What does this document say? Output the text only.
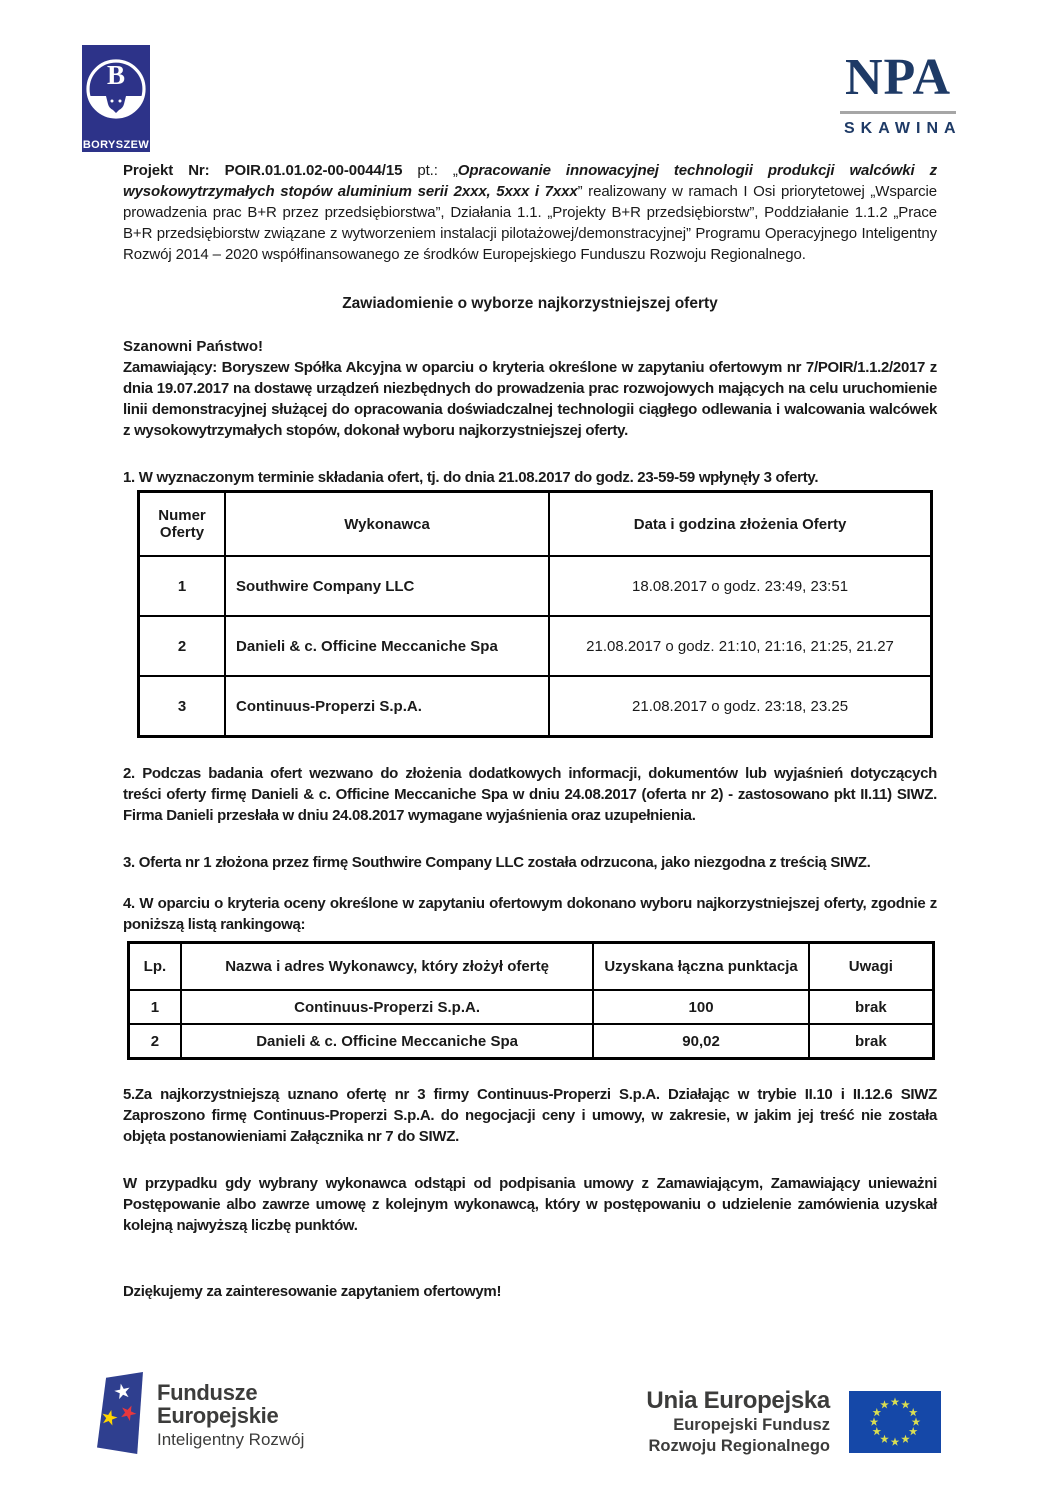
B
BORYSZEW
NPA
SKAWINA

Projekt Nr: POIR.01.01.02-00-0044/15 pt.: „Opracowanie innowacyjnej technologii produkcji walcówki z wysokowytrzymałych stopów aluminium serii 2xxx, 5xxx i 7xxx” realizowany w ramach I Osi priorytetowej „Wsparcie prowadzenia prac B+R przez przedsiębiorstwa”, Działania 1.1. „Projekty B+R przedsiębiorstw”, Poddziałanie 1.1.2 „Prace B+R przedsiębiorstw związane z wytworzeniem instalacji pilotażowej/demonstracyjnej” Programu Operacyjnego Inteligentny Rozwój 2014 – 2020 współfinansowanego ze środków Europejskiego Funduszu Rozwoju Regionalnego.

Zawiadomienie o wyborze najkorzystniejszej oferty
Szanowni Państwo!

Zamawiający: Boryszew Spółka Akcyjna w oparciu o kryteria określone w zapytaniu ofertowym nr 7/POIR/1.1.2/2017 z dnia 19.07.2017 na dostawę urządzeń niezbędnych do prowadzenia prac rozwojowych mających na celu uruchomienie linii demonstracyjnej służącej do opracowania doświadczalnej technologii ciągłego odlewania i walcowania walcówek z wysokowytrzymałych stopów, dokonał wyboru najkorzystniejszej oferty.

1. W wyznaczonym terminie składania ofert, tj. do dnia 21.08.2017 do godz. 23-59-59 wpłynęły 3 oferty.

Numer Oferty	Wykonawca	Data i godzina złożenia Oferty
1	Southwire Company LLC	18.08.2017 o godz. 23:49, 23:51
2	Danieli & c. Officine Meccaniche Spa	21.08.2017 o godz. 21:10, 21:16, 21:25, 21.27
3	Continuus-Properzi S.p.A.	21.08.2017 o godz. 23:18, 23.25

2. Podczas badania ofert wezwano do złożenia dodatkowych informacji, dokumentów lub wyjaśnień dotyczących treści oferty firmę Danieli & c. Officine Meccaniche Spa w dniu 24.08.2017 (oferta nr 2) - zastosowano pkt II.11) SIWZ. Firma Danieli przesłała w dniu 24.08.2017 wymagane wyjaśnienia oraz uzupełnienia.

3. Oferta nr 1 złożona przez firmę Southwire Company LLC została odrzucona, jako niezgodna z treścią SIWZ.

4. W oparciu o kryteria oceny określone w zapytaniu ofertowym dokonano wyboru najkorzystniejszej oferty, zgodnie z poniższą listą rankingową:

Lp.	Nazwa i adres Wykonawcy, który złożył ofertę	Uzyskana łączna punktacja	Uwagi
1	Continuus-Properzi S.p.A.	100	brak
2	Danieli & c. Officine Meccaniche Spa	90,02	brak

5.Za najkorzystniejszą uznano ofertę nr 3 firmy Continuus-Properzi S.p.A. Działając w trybie II.10 i II.12.6 SIWZ Zaproszono firmę Continuus-Properzi S.p.A. do negocjacji ceny i umowy, w zakresie, w jakim jej treść nie została objęta postanowieniami Załącznika nr 7 do SIWZ.

W przypadku gdy wybrany wykonawca odstąpi od podpisania umowy z Zamawiającym, Zamawiający unieważni Postępowanie albo zawrze umowę z kolejnym wykonawcą, który w postępowaniu o udzielenie zamówienia uzyskał kolejną najwyższą liczbę punktów.

Dziękujemy za zainteresowanie zapytaniem ofertowym!

Fundusze
Europejskie
Inteligentny Rozwój
Unia Europejska
Europejski Fundusz
Rozwoju Regionalnego
